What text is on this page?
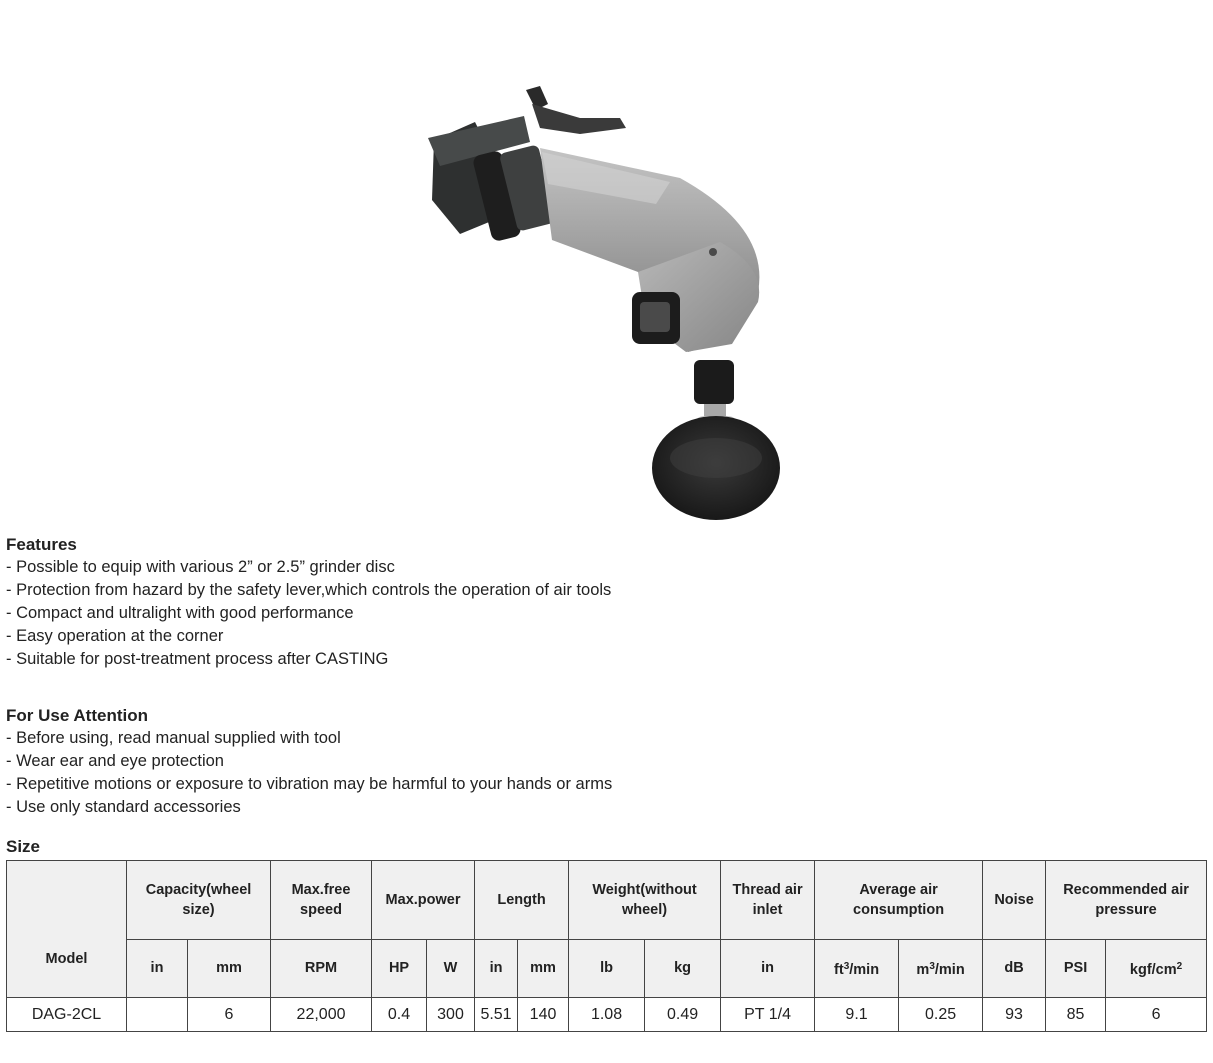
Features
- Possible to equip with various 2” or 2.5” grinder disc
- Protection from hazard by the safety lever,which controls the operation of air tools
- Compact and ultralight with good performance
- Easy operation at the corner
- Suitable for post-treatment process after CASTING
For Use Attention
- Before using, read manual supplied with tool
- Wear ear and eye protection
- Repetitive motions or exposure to vibration may be harmful to your hands or arms
- Use only standard accessories
Size
Model	Capacity(wheel size)		Max.free speed	Max.power		Length		Weight(without wheel)		Thread air inlet	Average air consumption		Noise	Recommended air pressure	
	in	mm	RPM	HP	W	in	mm	lb	kg	in	$ft^3/\min$	$m^3/\min$	dB	PSI	kgf/$cm^2$
DAG-2CL		6	22,000	0.4	300	5.51	140	1.08	0.49	PT 1/4	9.1	0.25	93	85	6
